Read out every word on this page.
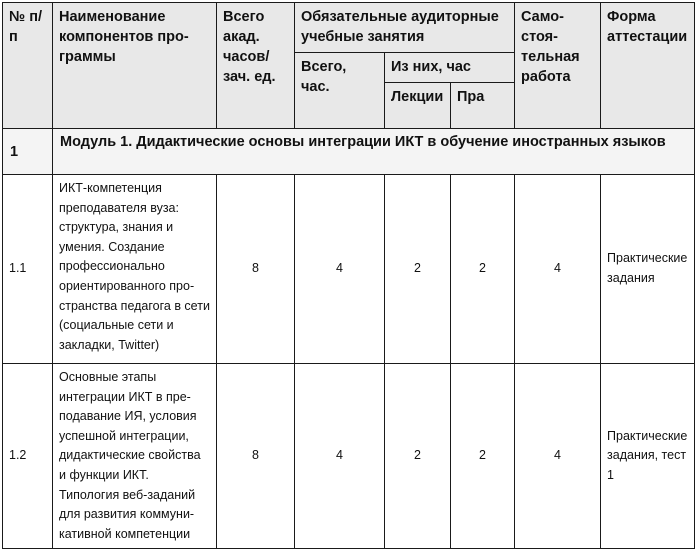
№ п/п	Наименование компонентов программы	Всего акад. часов/ зач. ед.	Обязательные аудиторные учебные занятия			Самостоятельная работа	Форма аттестации
			Всего, час.	Из них, час			
				Лекции	Пра		
1	Модуль 1. Дидактические основы интеграции ИКТ в обучение иностранных языков						
1.1	ИКТ-компетенция преподавателя вуза: структура, знания и умения. Создание профессионально ориентированного пространства педагога в сети (социальные сети и закладки, Twitter)	8	4	2	2	4	Практические задания
1.2	Основные этапы интеграции ИКТ в преподавание ИЯ, условия успешной интеграции, дидактические свойства и функции ИКТ. Типология веб-заданий для развития коммуникативной компетенции	8	4	2	2	4	Практические задания, тест 1
